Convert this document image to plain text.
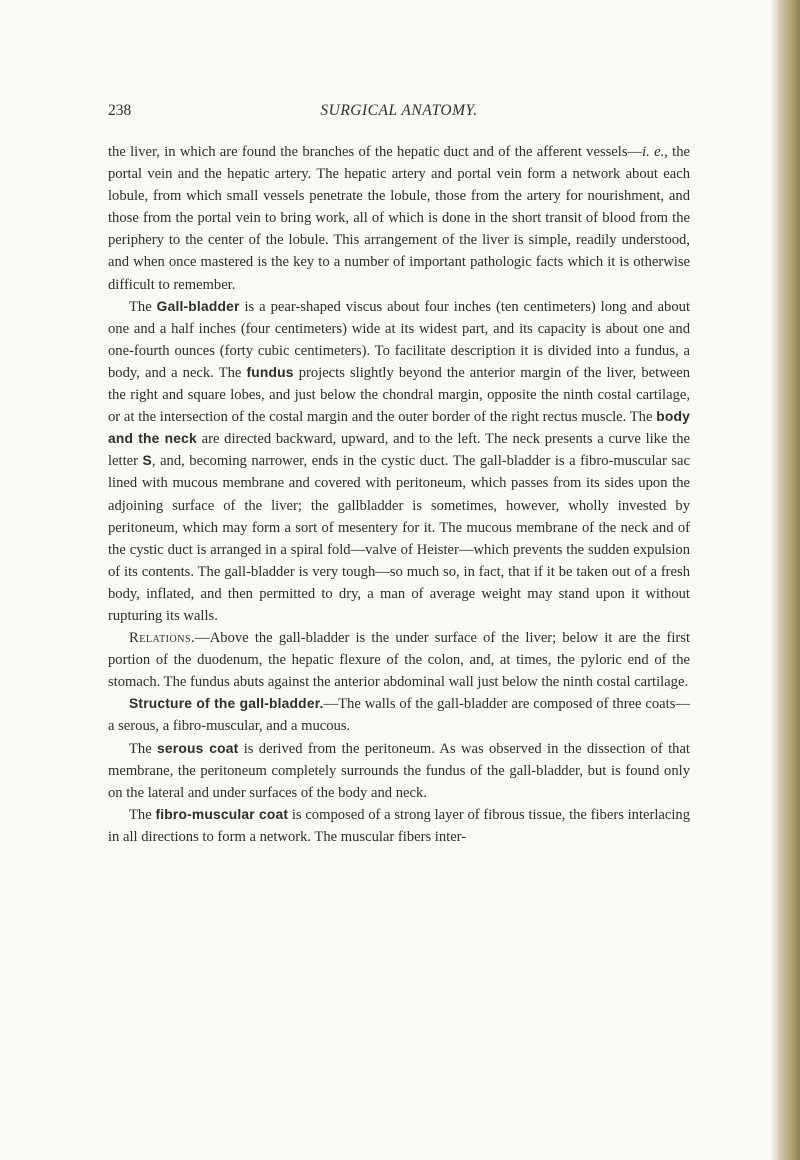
238	SURGICAL ANATOMY.

the liver, in which are found the branches of the hepatic duct and of the afferent vessels—i. e., the portal vein and the hepatic artery. The hepatic artery and portal vein form a network about each lobule, from which small vessels penetrate the lobule, those from the artery for nourishment, and those from the portal vein to bring work, all of which is done in the short transit of blood from the periphery to the center of the lobule. This arrangement of the liver is simple, readily understood, and when once mastered is the key to a number of important pathologic facts which it is otherwise difficult to remember.

The Gall-bladder is a pear-shaped viscus about four inches (ten centimeters) long and about one and a half inches (four centimeters) wide at its widest part, and its capacity is about one and one-fourth ounces (forty cubic centimeters). To facilitate description it is divided into a fundus, a body, and a neck. The fundus projects slightly beyond the anterior margin of the liver, between the right and square lobes, and just below the chondral margin, opposite the ninth costal cartilage, or at the intersection of the costal margin and the outer border of the right rectus muscle. The body and the neck are directed backward, upward, and to the left. The neck presents a curve like the letter S, and, becoming narrower, ends in the cystic duct. The gall-bladder is a fibro-muscular sac lined with mucous membrane and covered with peritoneum, which passes from its sides upon the adjoining surface of the liver; the gallbladder is sometimes, however, wholly invested by peritoneum, which may form a sort of mesentery for it. The mucous membrane of the neck and of the cystic duct is arranged in a spiral fold—valve of Heister—which prevents the sudden expulsion of its contents. The gall-bladder is very tough—so much so, in fact, that if it be taken out of a fresh body, inflated, and then permitted to dry, a man of average weight may stand upon it without rupturing its walls.

Relations.—Above the gall-bladder is the under surface of the liver; below it are the first portion of the duodenum, the hepatic flexure of the colon, and, at times, the pyloric end of the stomach. The fundus abuts against the anterior abdominal wall just below the ninth costal cartilage.

Structure of the gall-bladder.—The walls of the gall-bladder are composed of three coats—a serous, a fibro-muscular, and a mucous.

The serous coat is derived from the peritoneum. As was observed in the dissection of that membrane, the peritoneum completely surrounds the fundus of the gall-bladder, but is found only on the lateral and under surfaces of the body and neck.

The fibro-muscular coat is composed of a strong layer of fibrous tissue, the fibers interlacing in all directions to form a network. The muscular fibers inter-
